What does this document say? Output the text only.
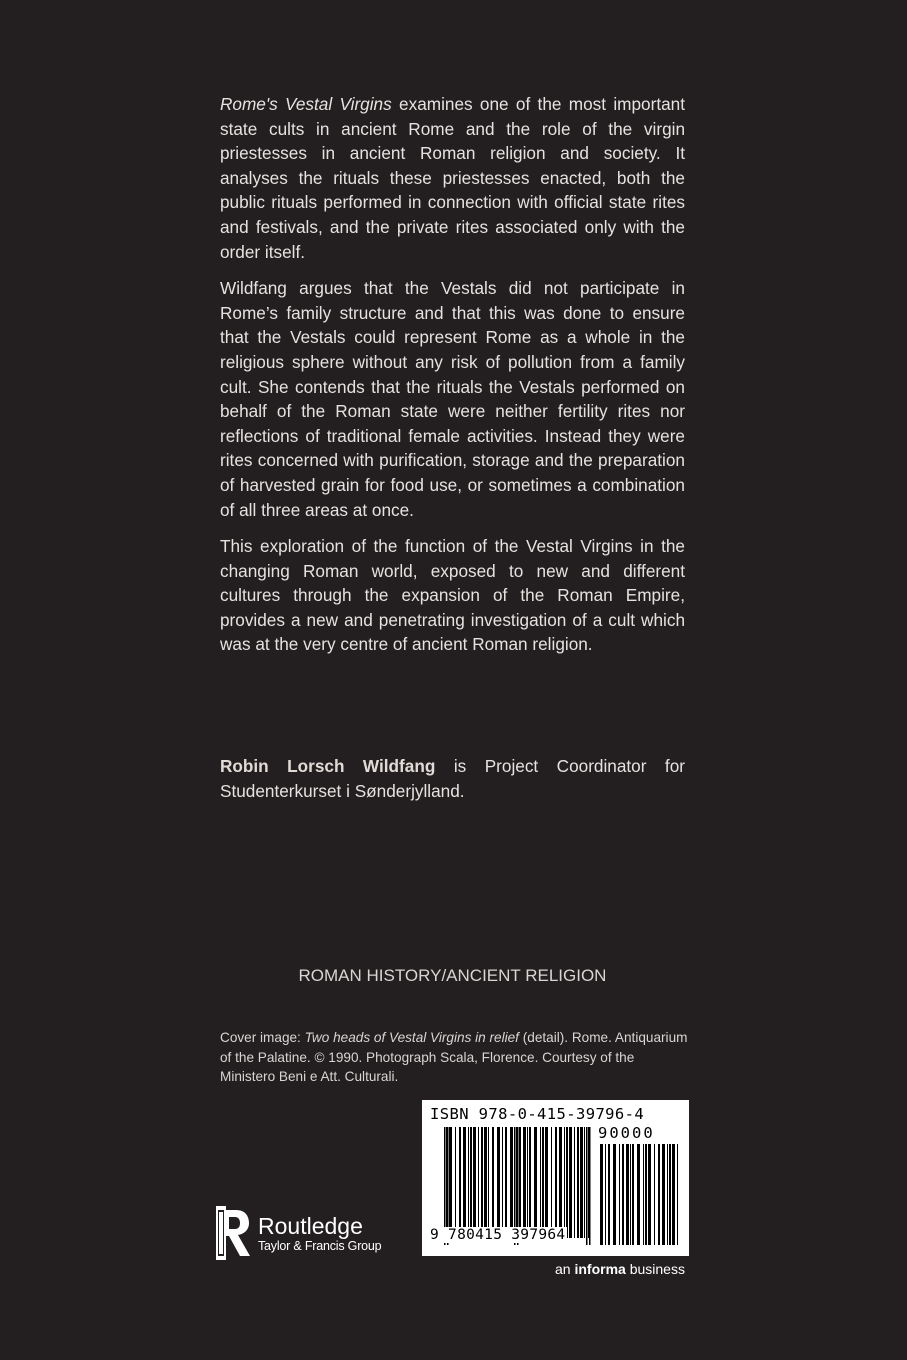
Rome's Vestal Virgins examines one of the most important state cults in ancient Rome and the role of the virgin priestesses in ancient Roman religion and society. It analyses the rituals these priestesses enacted, both the public rituals performed in connection with official state rites and festivals, and the private rites associated only with the order itself.

Wildfang argues that the Vestals did not participate in Rome’s family structure and that this was done to ensure that the Vestals could represent Rome as a whole in the religious sphere without any risk of pollution from a family cult. She contends that the rituals the Vestals performed on behalf of the Roman state were neither fertility rites nor reflections of traditional female activities. Instead they were rites concerned with purification, storage and the preparation of harvested grain for food use, or sometimes a combination of all three areas at once.

This exploration of the function of the Vestal Virgins in the changing Roman world, exposed to new and different cultures through the expansion of the Roman Empire, provides a new and penetrating investigation of a cult which was at the very centre of ancient Roman religion.

Robin Lorsch Wildfang is Project Coordinator for Studenterkurset i Sønderjylland.

ROMAN HISTORY/ANCIENT RELIGION

Cover image: Two heads of Vestal Virgins in relief (detail). Rome. Antiquarium of the Palatine. © 1990. Photograph Scala, Florence. Courtesy of the Ministero Beni e Att. Culturali.

Routledge
Taylor & Francis Group

ISBN 978-0-415-39796-4

90000

9 780415 397964

an informa business
